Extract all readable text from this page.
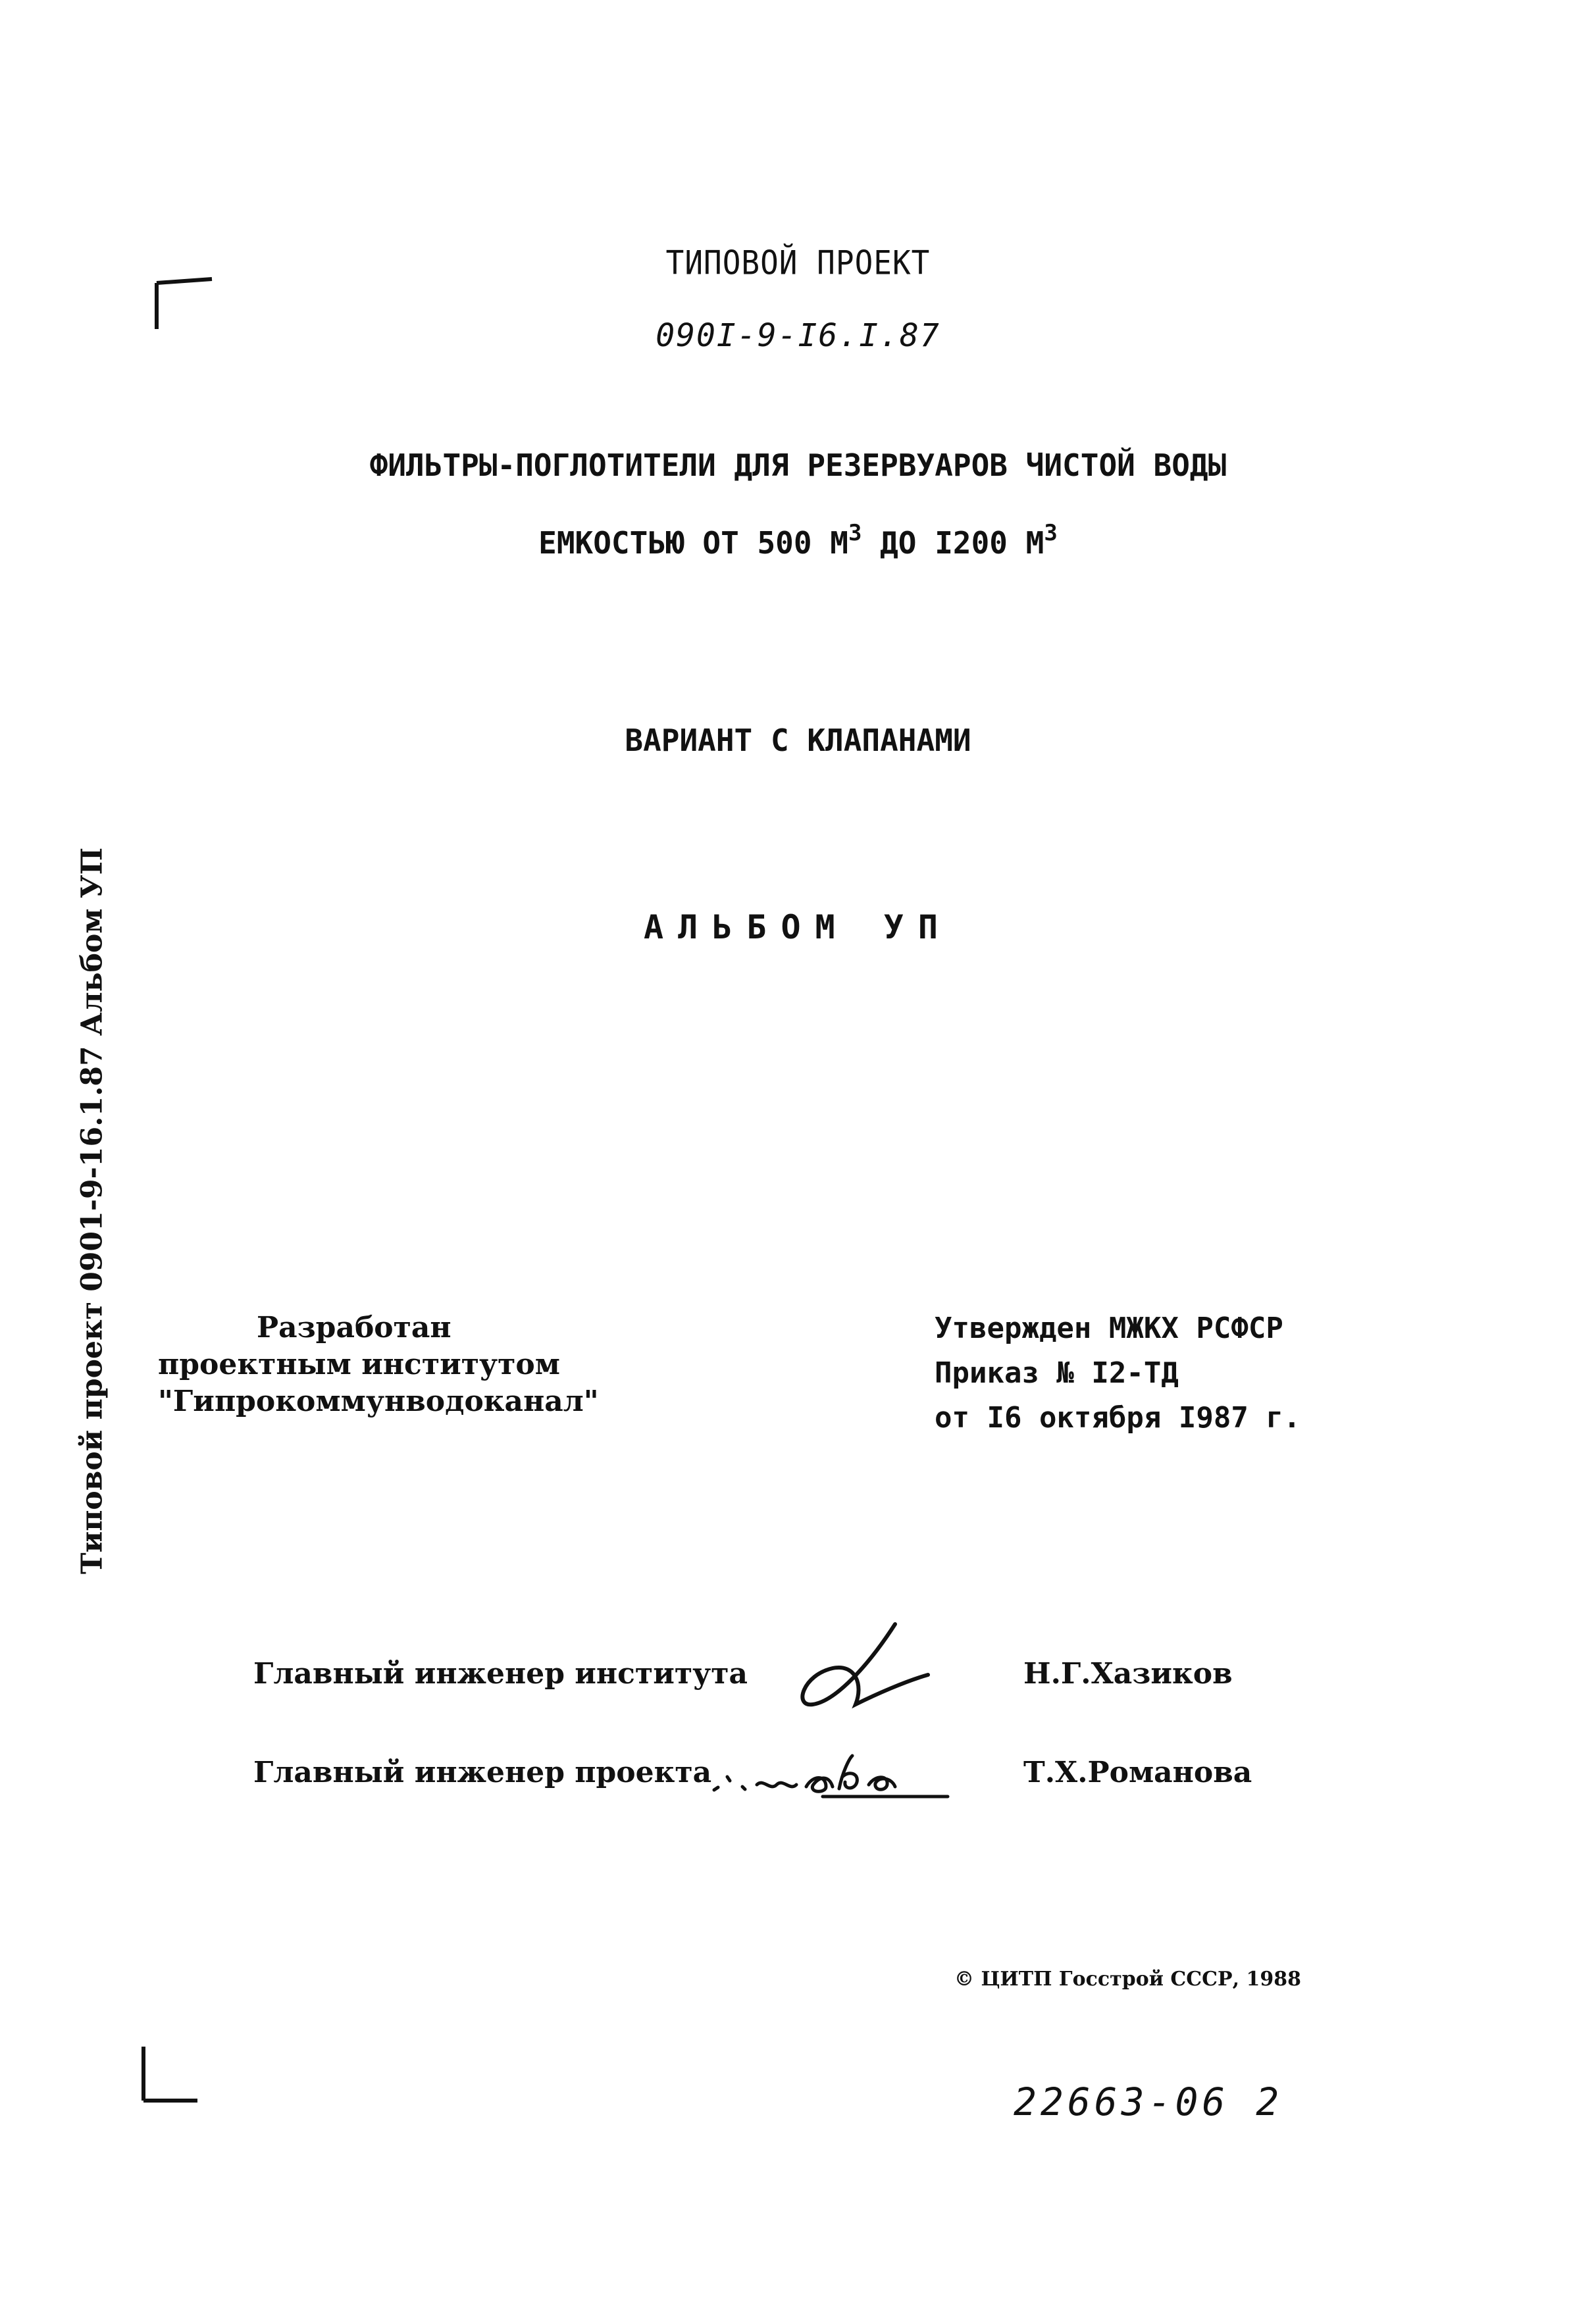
ТИПОВОЙ ПРОЕКТ
090I-9-I6.I.87
ФИЛЬТРЫ-ПОГЛОТИТЕЛИ ДЛЯ РЕЗЕРВУАРОВ ЧИСТОЙ ВОДЫ
ЕМКОСТЬЮ ОТ 500 $М^3$ ДО I200 $М^3$
ВАРИАНТ С КЛАПАНАМИ
АЛЬБОМ УП
Типовой проект 0901-9-16.1.87 Альбом УП	Разработан
проектным институтом
"Гипрокоммунводоканал"
Утвержден МЖКХ РСФСР
Приказ № I2-ТД
от I6 октября I987 г.
Главный инженер института	Н.Г.Хазиков
Главный инженер проекта	Т.Х.Романова
© ЦИТП Госстрой СССР, 1988
22663-06 2
